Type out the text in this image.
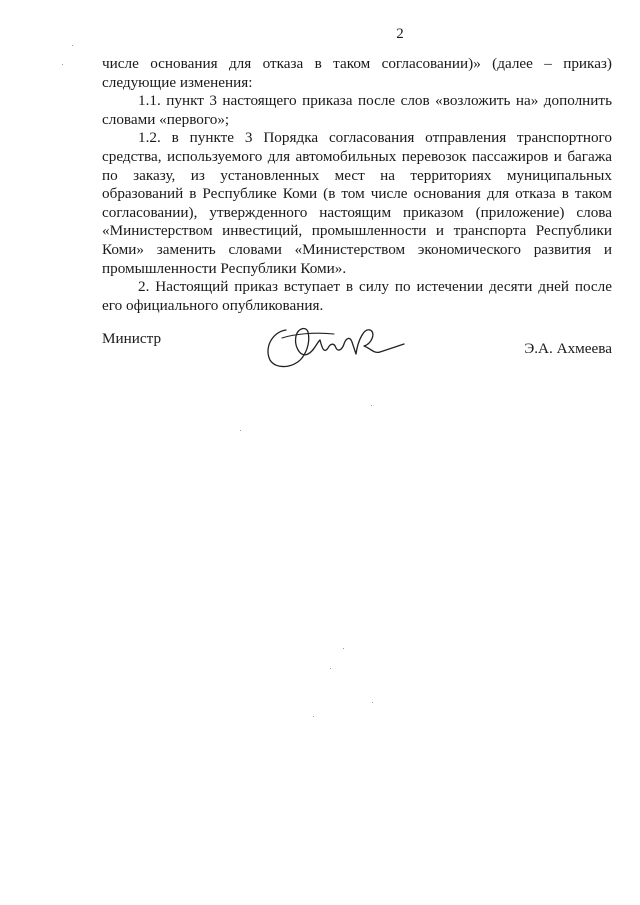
2

числе основания для отказа в таком согласовании)» (далее – приказ) следующие изменения:

1.1. пункт 3 настоящего приказа после слов «возложить на» дополнить словами «первого»;

1.2. в пункте 3 Порядка согласования отправления транспортного средства, используемого для автомобильных перевозок пассажиров и багажа по заказу, из установленных мест на территориях муниципальных образований в Республике Коми (в том числе основания для отказа в таком согласовании), утвержденного настоящим приказом (приложение) слова «Министерством инвестиций, промышленности и транспорта Республики Коми» заменить словами «Министерством экономического развития и промышленности Республики Коми».

2. Настоящий приказ вступает в силу по истечении десяти дней после его официального опубликования.

Министр
Э.А. Ахмеева
